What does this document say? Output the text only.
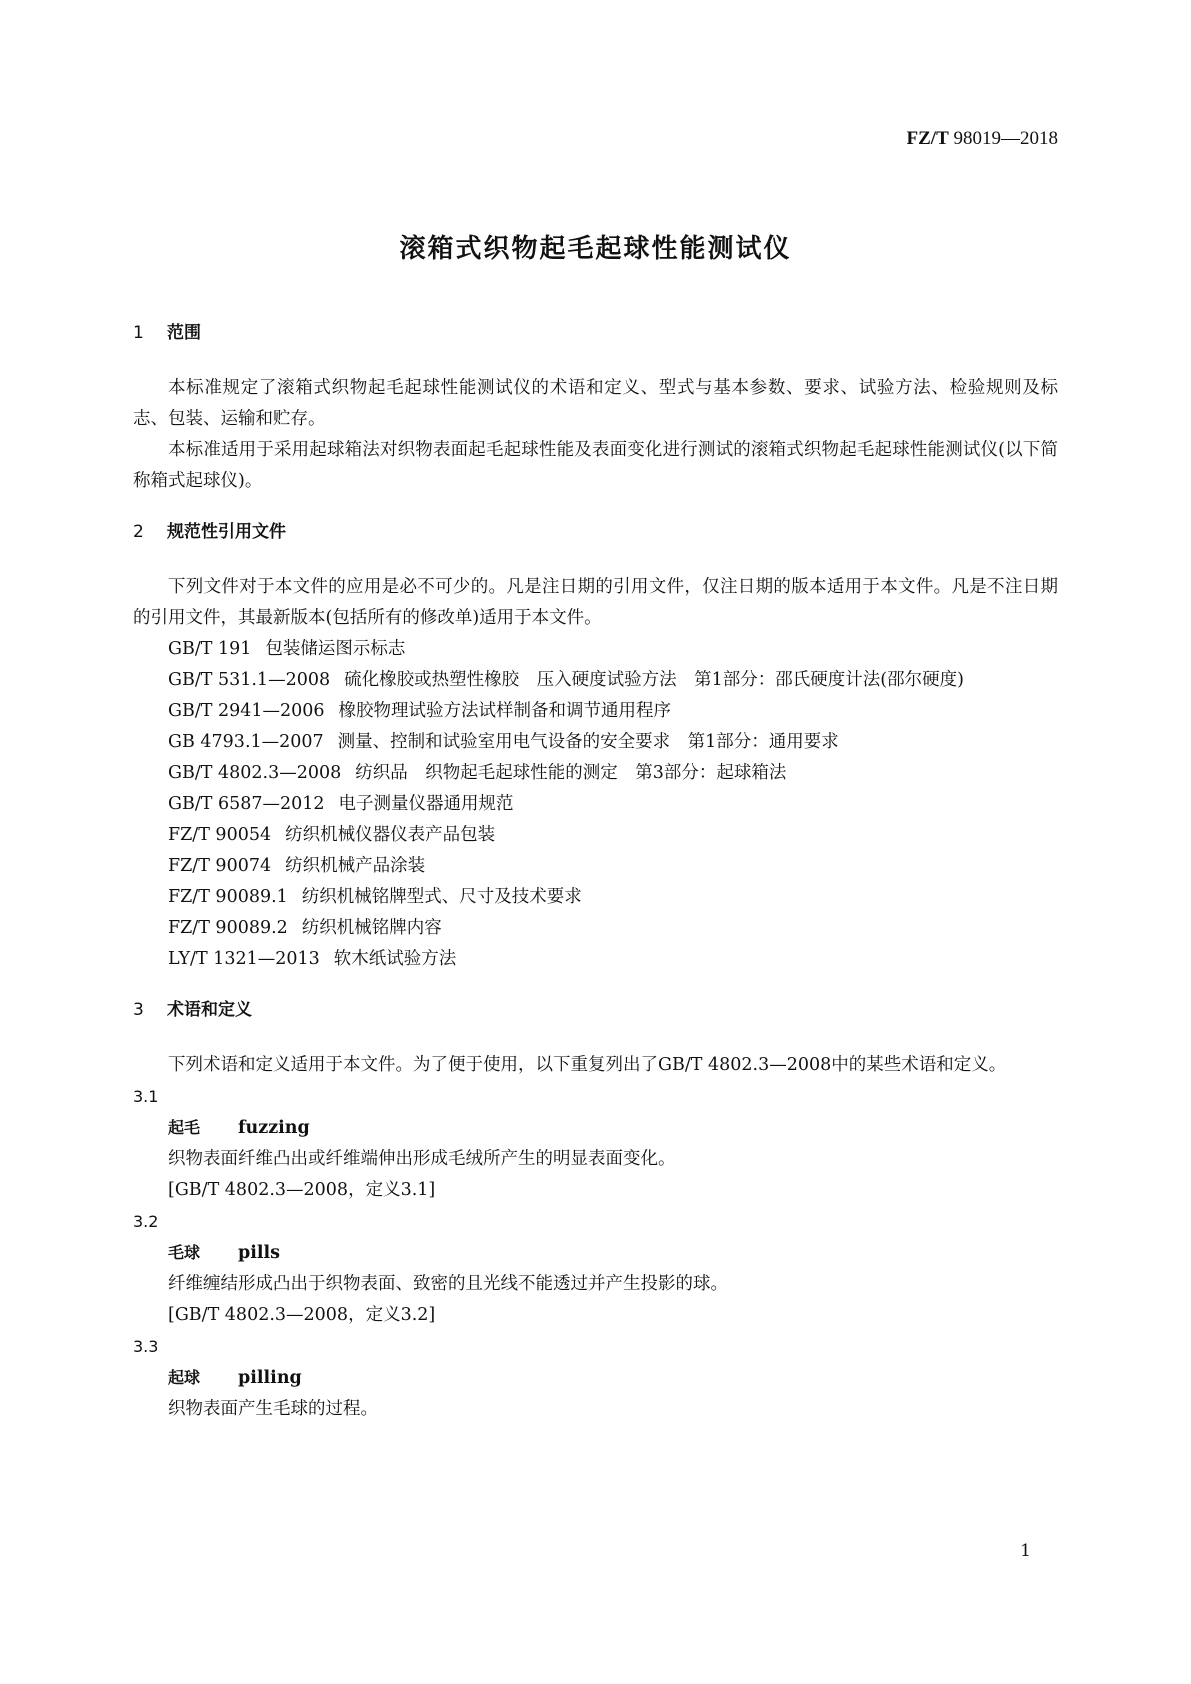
FZ/T 98019—2018
滚箱式织物起毛起球性能测试仪
1 范围

本标准规定了滚箱式织物起毛起球性能测试仪的术语和定义、型式与基本参数、要求、试验方法、检验规则及标志、包装、运输和贮存。

本标准适用于采用起球箱法对织物表面起毛起球性能及表面变化进行测试的滚箱式织物起毛起球性能测试仪(以下简称箱式起球仪)。

2 规范性引用文件

下列文件对于本文件的应用是必不可少的。凡是注日期的引用文件，仅注日期的版本适用于本文件。凡是不注日期的引用文件，其最新版本(包括所有的修改单)适用于本文件。

GB/T 191 包装储运图示标志
GB/T 531.1—2008 硫化橡胶或热塑性橡胶　压入硬度试验方法　第1部分：邵氏硬度计法(邵尔硬度)
GB/T 2941—2006 橡胶物理试验方法试样制备和调节通用程序
GB 4793.1—2007 测量、控制和试验室用电气设备的安全要求　第1部分：通用要求
GB/T 4802.3—2008 纺织品　织物起毛起球性能的测定　第3部分：起球箱法
GB/T 6587—2012 电子测量仪器通用规范
FZ/T 90054 纺织机械仪器仪表产品包装
FZ/T 90074 纺织机械产品涂装
FZ/T 90089.1 纺织机械铭牌型式、尺寸及技术要求
FZ/T 90089.2 纺织机械铭牌内容
LY/T 1321—2013 软木纸试验方法
3 术语和定义

下列术语和定义适用于本文件。为了便于使用，以下重复列出了GB/T 4802.3—2008中的某些术语和定义。

3.1
起毛 fuzzing
织物表面纤维凸出或纤维端伸出形成毛绒所产生的明显表面变化。
[GB/T 4802.3—2008，定义3.1]
3.2
毛球 pills
纤维缠结形成凸出于织物表面、致密的且光线不能透过并产生投影的球。
[GB/T 4802.3—2008，定义3.2]
3.3
起球 pilling
织物表面产生毛球的过程。
1
